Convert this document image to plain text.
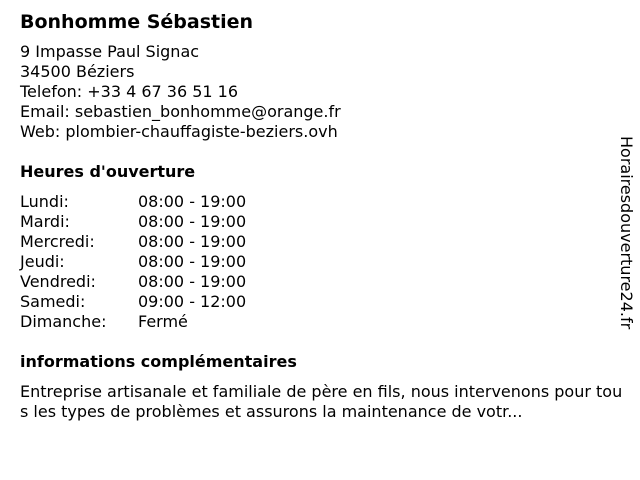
Bonhomme Sébastien
9 Impasse Paul Signac
34500 Béziers
Telefon: +33 4 67 36 51 16
Email: sebastien_bonhomme@orange.fr
Web: plombier-chauffagiste-beziers.ovh
Heures d'ouverture
Lundi:	08:00 - 19:00
Mardi:	08:00 - 19:00
Mercredi:	08:00 - 19:00
Jeudi:	08:00 - 19:00
Vendredi:	08:00 - 19:00
Samedi:	09:00 - 12:00
Dimanche:	Fermé
informations complémentaires
Entreprise artisanale et familiale de père en fils, nous intervenons pour tous les types de problèmes et assurons la maintenance de votr...
Horairesdouverture24.fr
